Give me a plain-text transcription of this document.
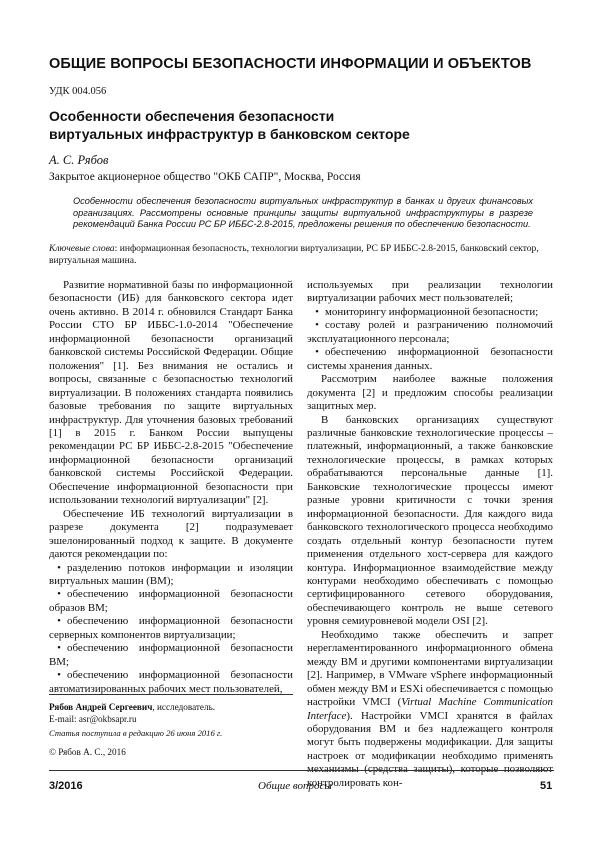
ОБЩИЕ ВОПРОСЫ БЕЗОПАСНОСТИ ИНФОРМАЦИИ И ОБЪЕКТОВ
УДК 004.056
Особенности обеспечения безопасности
виртуальных инфраструктур в банковском секторе
А. С. Рябов
Закрытое акционерное общество "ОКБ САПР", Москва, Россия
Особенности обеспечения безопасности виртуальных инфраструктур в банках и других финансовых организациях. Рассмотрены основные принципы защиты виртуальной инфраструктуры в разрезе рекомендаций Банка России РС БР ИББС-2.8-2015, предложены решения по обеспечению безопасности.
Ключевые слова: информационная безопасность, технологии виртуализации, РС БР ИББС-2.8-2015, банковский сектор, виртуальная машина.

Развитие нормативной базы по информационной безопасности (ИБ) для банковского сектора идет очень активно. В 2014 г. обновился Стандарт Банка России СТО БР ИББС-1.0-2014 "Обеспечение информационной безопасности организаций банковской системы Российской Федерации. Общие положения" [1]. Без внимания не остались и вопросы, связанные с безопасностью технологий виртуализации. В положениях стандарта появились базовые требования по защите виртуальных инфраструктур. Для уточнения базовых требований [1] в 2015 г. Банком России выпущены рекомендации РС БР ИББС-2.8-2015 "Обеспечение информационной безопасности организаций банковской системы Российской Федерации. Обеспечение информационной безопасности при использовании технологий виртуализации" [2].

Обеспечение ИБ технологий виртуализации в разрезе документа [2] подразумевает эшелонированный подход к защите. В документе даются рекомендации по:

• разделению потоков информации и изоляции виртуальных машин (ВМ);

• обеспечению информационной безопасности образов ВМ;

• обеспечению информационной безопасности серверных компонентов виртуализации;

• обеспечению информационной безопасности ВМ;

• обеспечению информационной безопасности автоматизированных рабочих мест пользователей,

используемых при реализации технологии виртуализации рабочих мест пользователей;

• мониторингу информационной безопасности;

• составу ролей и разграничению полномочий эксплуатационного персонала;

• обеспечению информационной безопасности системы хранения данных.

Рассмотрим наиболее важные положения документа [2] и предложим способы реализации защитных мер.

В банковских организациях существуют различные банковские технологические процессы – платежный, информационный, а также банковские технологические процессы, в рамках которых обрабатываются персональные данные [1]. Банковские технологические процессы имеют разные уровни критичности с точки зрения информационной безопасности. Для каждого вида банковского технологического процесса необходимо создать отдельный контур безопасности путем применения отдельного хост-сервера для каждого контура. Информационное взаимодействие между контурами необходимо обеспечивать с помощью сертифицированного сетевого оборудования, обеспечивающего контроль не выше сетевого уровня семиуровневой модели OSI [2].

Необходимо также обеспечить и запрет нерегламентированного информационного обмена между ВМ и другими компонентами виртуализации [2]. Например, в VMware vSphere информационный обмен между ВМ и ESXi обеспечивается с помощью настройки VMCI (Virtual Machine Communication Interface). Настройки VMCI хранятся в файлах оборудования ВМ и без надлежащего контроля могут быть подвержены модификации. Для защиты настроек от модификации необходимо применять механизмы (средства защиты), которые позволяют контролировать кон-

Рябов Андрей Сергеевич, исследователь.
E-mail: asr@okbsapr.ru
Статья поступила в редакцию 26 июня 2016 г.
© Рябов А. С., 2016
3/2016	Общие вопросы	51
